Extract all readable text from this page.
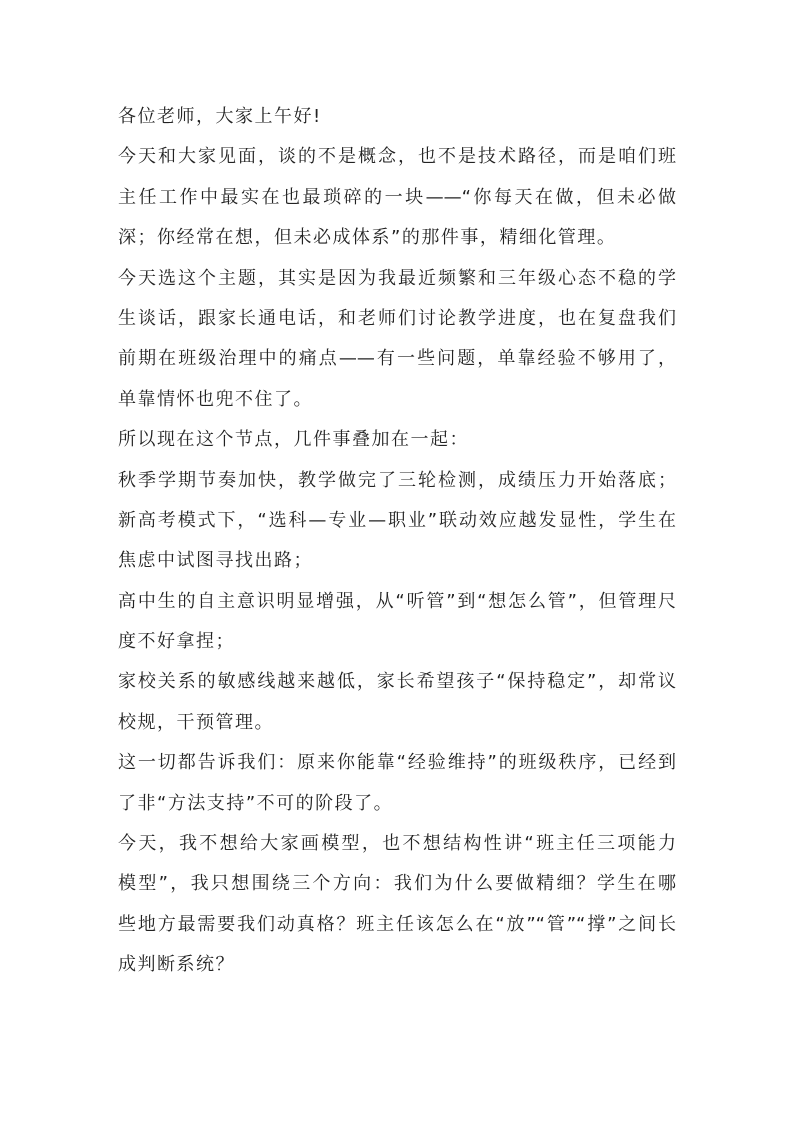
各位老师，大家上午好!
今天和大家见面，谈的不是概念，也不是技术路径，而是咱们班
主任工作中最实在也最琐碎的一块——“你每天在做，但未必做
深；你经常在想，但未必成体系”的那件事，精细化管理。
今天选这个主题，其实是因为我最近频繁和三年级心态不稳的学
生谈话，跟家长通电话，和老师们讨论教学进度，也在复盘我们
前期在班级治理中的痛点——有一些问题，单靠经验不够用了，
单靠情怀也兜不住了。
所以现在这个节点，几件事叠加在一起：
秋季学期节奏加快，教学做完了三轮检测，成绩压力开始落底；
新高考模式下，“选科—专业—职业”联动效应越发显性，学生在
焦虑中试图寻找出路；
高中生的自主意识明显增强，从“听管”到“想怎么管”，但管理尺
度不好拿捏；
家校关系的敏感线越来越低，家长希望孩子“保持稳定”，却常议
校规，干预管理。
这一切都告诉我们：原来你能靠“经验维持”的班级秩序，已经到
了非“方法支持”不可的阶段了。
今天，我不想给大家画模型，也不想结构性讲“班主任三项能力
模型”，我只想围绕三个方向：我们为什么要做精细？学生在哪
些地方最需要我们动真格？班主任该怎么在“放”“管”“撑”之间长
成判断系统？
